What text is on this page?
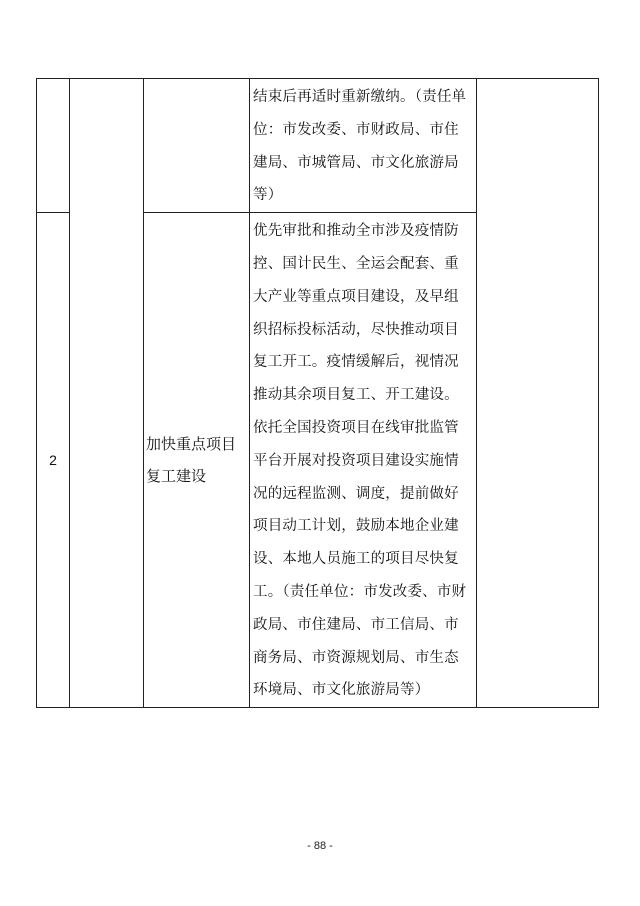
			结束后再适时重新缴纳。（责任单位：市发改委、市财政局、市住建局、市城管局、市文化旅游局等）	

2		加快重点项目复工建设	优先审批和推动全市涉及疫情防控、国计民生、全运会配套、重大产业等重点项目建设，及早组织招标投标活动，尽快推动项目复工开工。疫情缓解后，视情况推动其余项目复工、开工建设。依托全国投资项目在线审批监管平台开展对投资项目建设实施情况的远程监测、调度，提前做好项目动工计划，鼓励本地企业建设、本地人员施工的项目尽快复工。（责任单位：市发改委、市财政局、市住建局、市工信局、市商务局、市资源规划局、市生态环境局、市文化旅游局等）	
- 88 -
